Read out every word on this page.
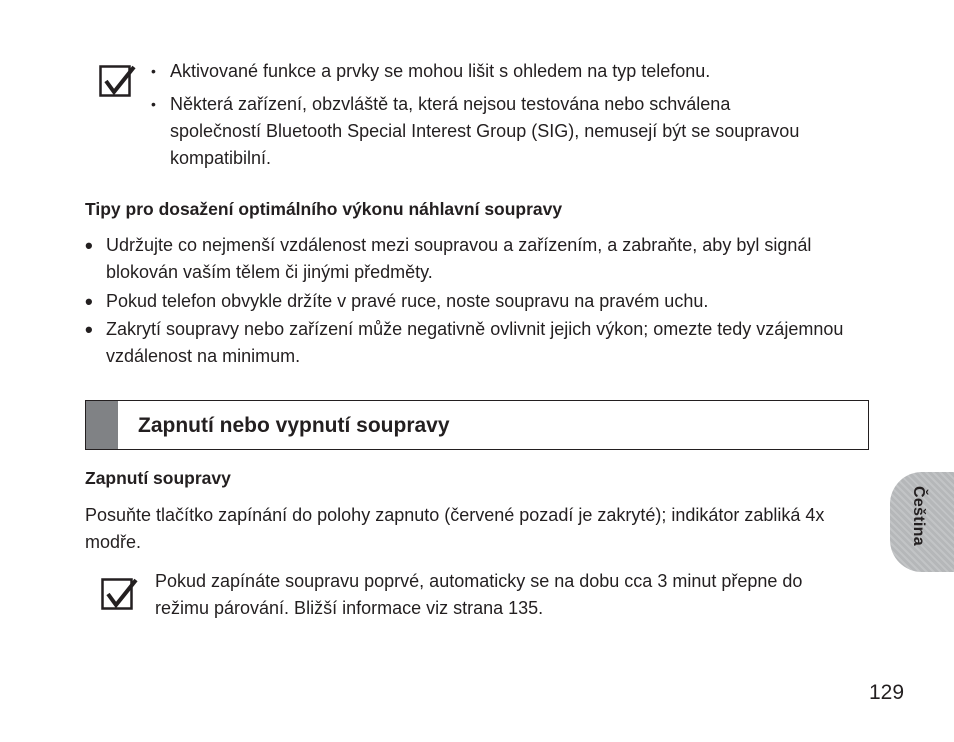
• Aktivované funkce a prvky se mohou lišit s ohledem na typ telefonu.
• Některá zařízení, obzvláště ta, která nejsou testována nebo schválena společností Bluetooth Special Interest Group (SIG), nemusejí být se soupravou kompatibilní.
Tipy pro dosažení optimálního výkonu náhlavní soupravy
• Udržujte co nejmenší vzdálenost mezi soupravou a zařízením, a zabraňte, aby byl signál blokován vaším tělem či jinými předměty.
• Pokud telefon obvykle držíte v pravé ruce, noste soupravu na pravém uchu.
• Zakrytí soupravy nebo zařízení může negativně ovlivnit jejich výkon; omezte tedy vzájemnou vzdálenost na minimum.
Zapnutí nebo vypnutí soupravy
Zapnutí soupravy
Posuňte tlačítko zapínání do polohy zapnuto (červené pozadí je zakryté); indikátor zabliká 4x modře.
Pokud zapínáte soupravu poprvé, automaticky se na dobu cca 3 minut přepne do režimu párování. Bližší informace viz strana 135.
Čeština
129
